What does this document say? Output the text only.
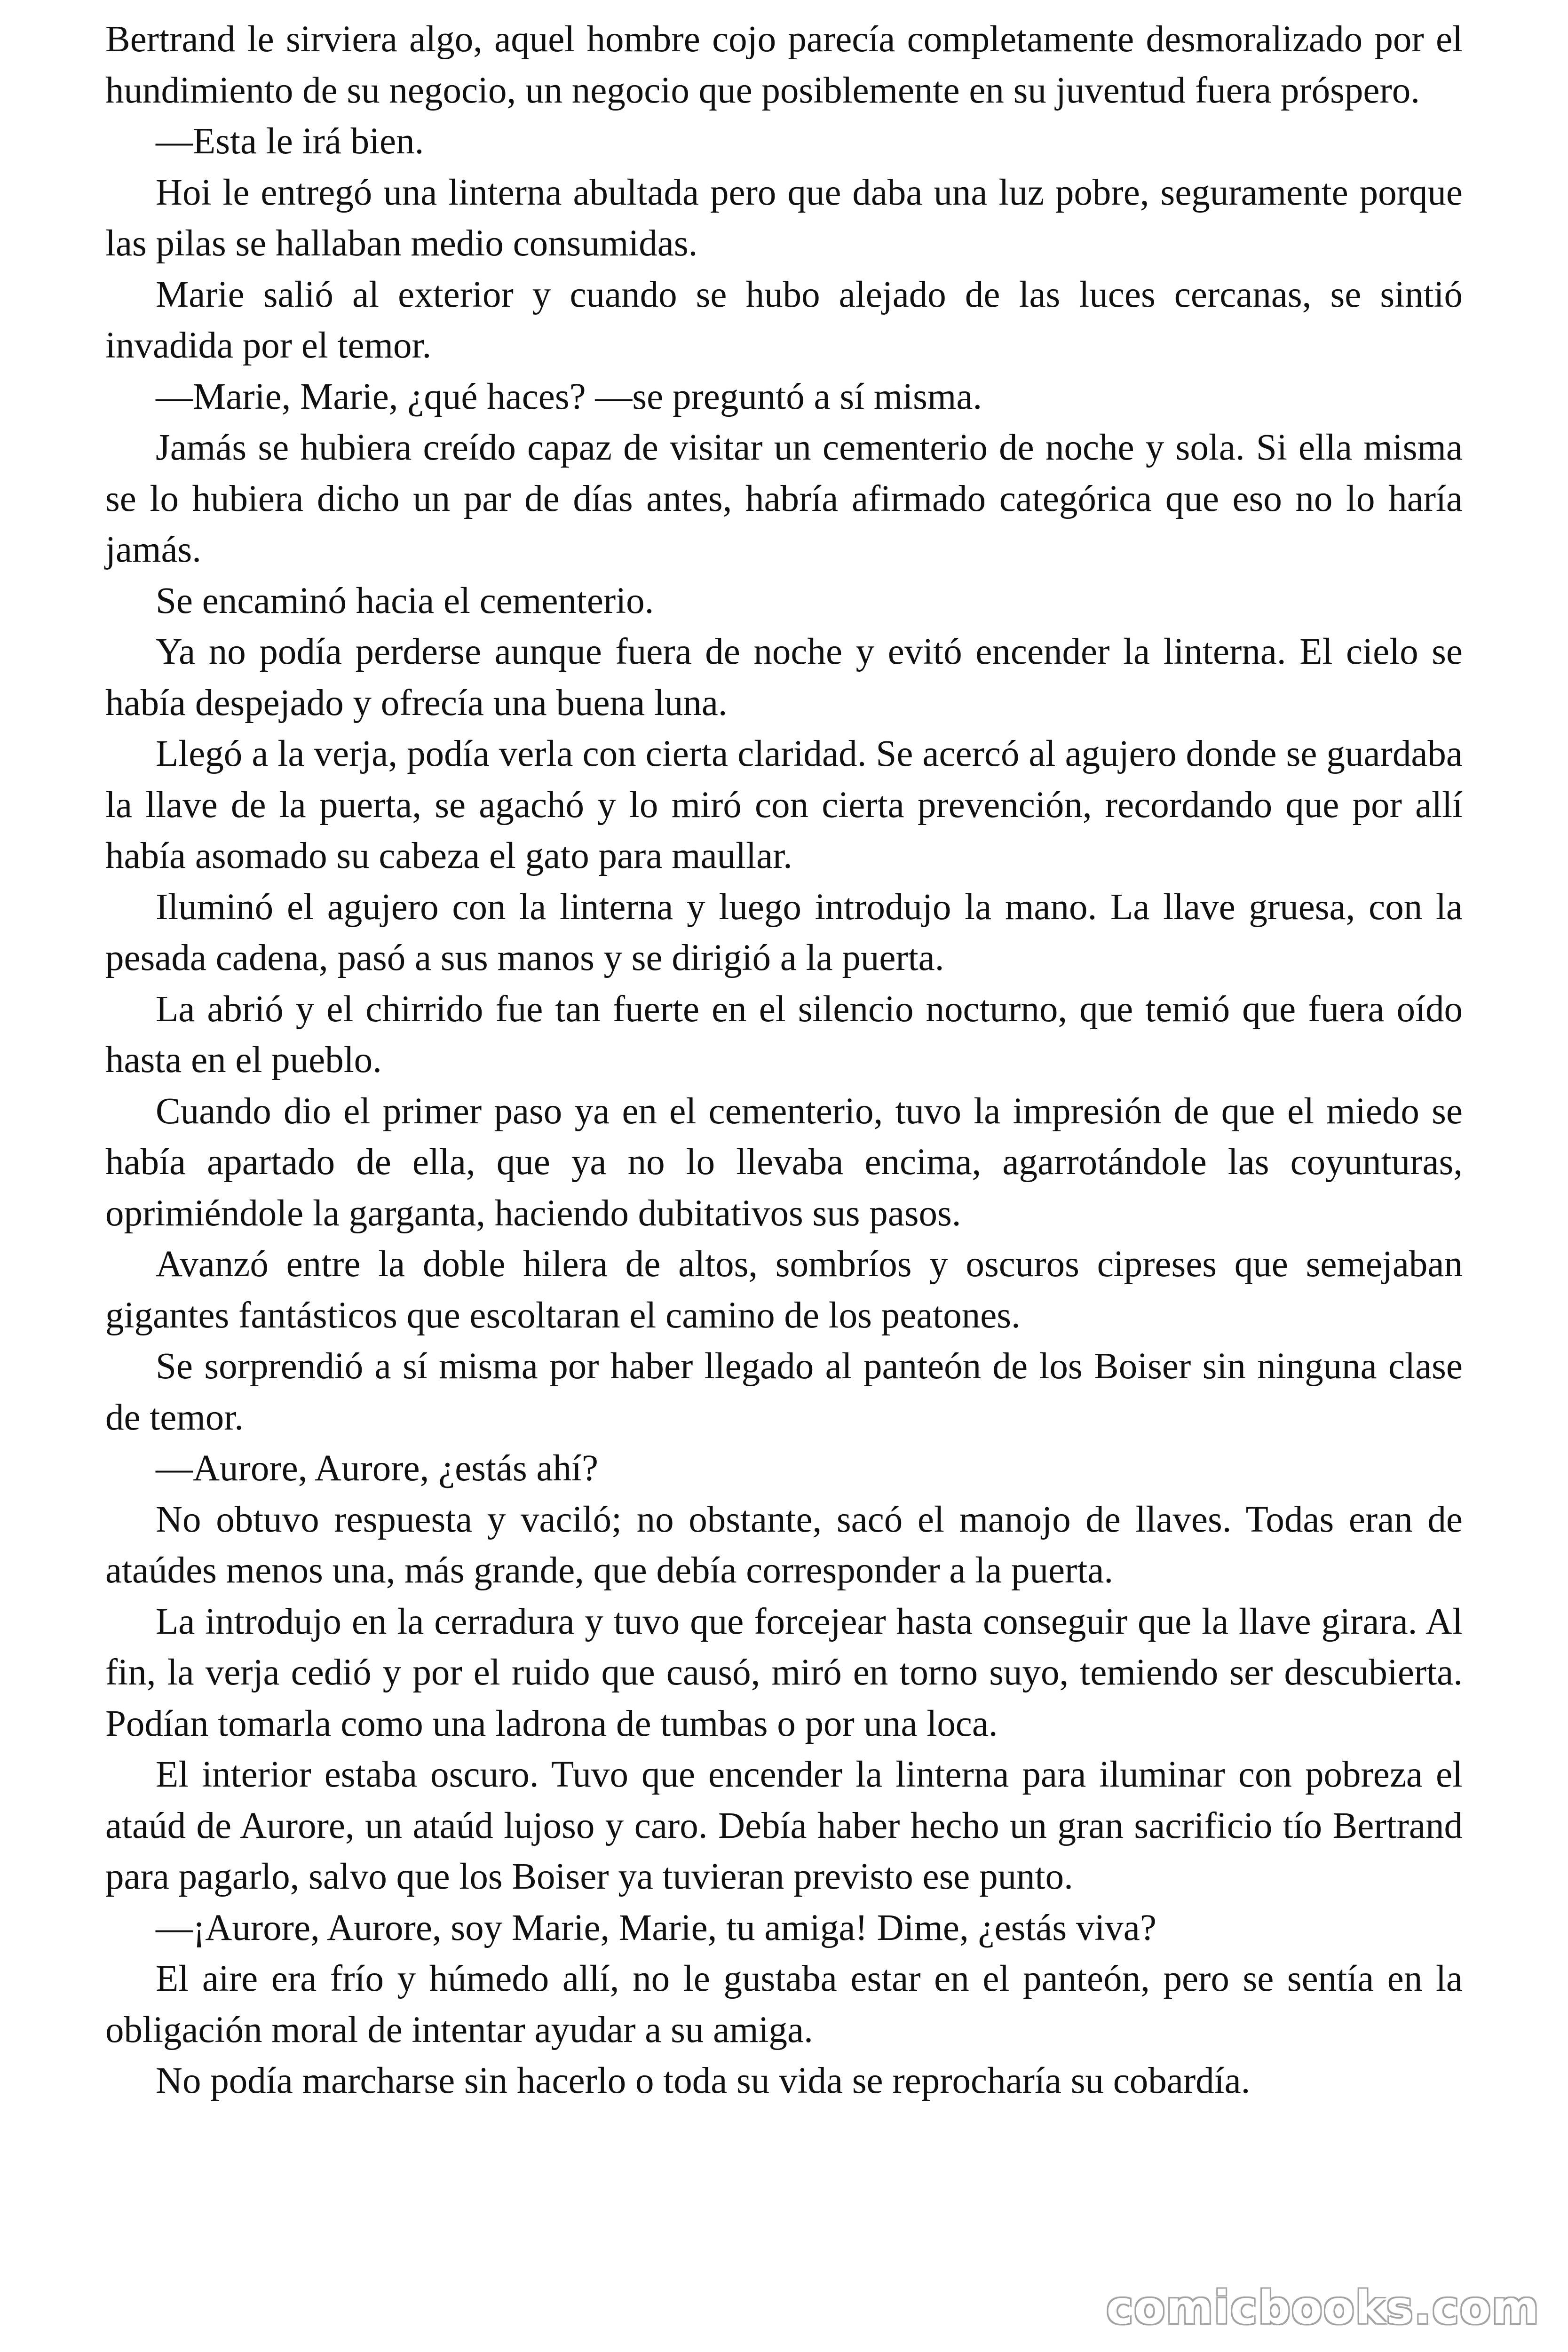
Bertrand le sirviera algo, aquel hombre cojo parecía completamente desmoralizado por el hundimiento de su negocio, un negocio que posiblemente en su juventud fuera próspero.

—Esta le irá bien.

Hoi le entregó una linterna abultada pero que daba una luz pobre, seguramente porque las pilas se hallaban medio consumidas.

Marie salió al exterior y cuando se hubo alejado de las luces cercanas, se sintió invadida por el temor.

—Marie, Marie, ¿qué haces? —se preguntó a sí misma.

Jamás se hubiera creído capaz de visitar un cementerio de noche y sola. Si ella misma se lo hubiera dicho un par de días antes, habría afirmado categórica que eso no lo haría jamás.

Se encaminó hacia el cementerio.

Ya no podía perderse aunque fuera de noche y evitó encender la linterna. El cielo se había despejado y ofrecía una buena luna.

Llegó a la verja, podía verla con cierta claridad. Se acercó al agujero donde se guardaba la llave de la puerta, se agachó y lo miró con cierta prevención, recordando que por allí había asomado su cabeza el gato para maullar.

Iluminó el agujero con la linterna y luego introdujo la mano. La llave gruesa, con la pesada cadena, pasó a sus manos y se dirigió a la puerta.

La abrió y el chirrido fue tan fuerte en el silencio nocturno, que temió que fuera oído hasta en el pueblo.

Cuando dio el primer paso ya en el cementerio, tuvo la impresión de que el miedo se había apartado de ella, que ya no lo llevaba encima, agarrotándole las coyunturas, oprimiéndole la garganta, haciendo dubitativos sus pasos.

Avanzó entre la doble hilera de altos, sombríos y oscuros cipreses que semejaban gigantes fantásticos que escoltaran el camino de los peatones.

Se sorprendió a sí misma por haber llegado al panteón de los Boiser sin ninguna clase de temor.

—Aurore, Aurore, ¿estás ahí?

No obtuvo respuesta y vaciló; no obstante, sacó el manojo de llaves. Todas eran de ataúdes menos una, más grande, que debía corresponder a la puerta.

La introdujo en la cerradura y tuvo que forcejear hasta conseguir que la llave girara. Al fin, la verja cedió y por el ruido que causó, miró en torno suyo, temiendo ser descubierta. Podían tomarla como una ladrona de tumbas o por una loca.

El interior estaba oscuro. Tuvo que encender la linterna para iluminar con pobreza el ataúd de Aurore, un ataúd lujoso y caro. Debía haber hecho un gran sacrificio tío Bertrand para pagarlo, salvo que los Boiser ya tuvieran previsto ese punto.

—¡Aurore, Aurore, soy Marie, Marie, tu amiga! Dime, ¿estás viva?

El aire era frío y húmedo allí, no le gustaba estar en el panteón, pero se sentía en la obligación moral de intentar ayudar a su amiga.

No podía marcharse sin hacerlo o toda su vida se reprocharía su cobardía.

comicbooks.com
